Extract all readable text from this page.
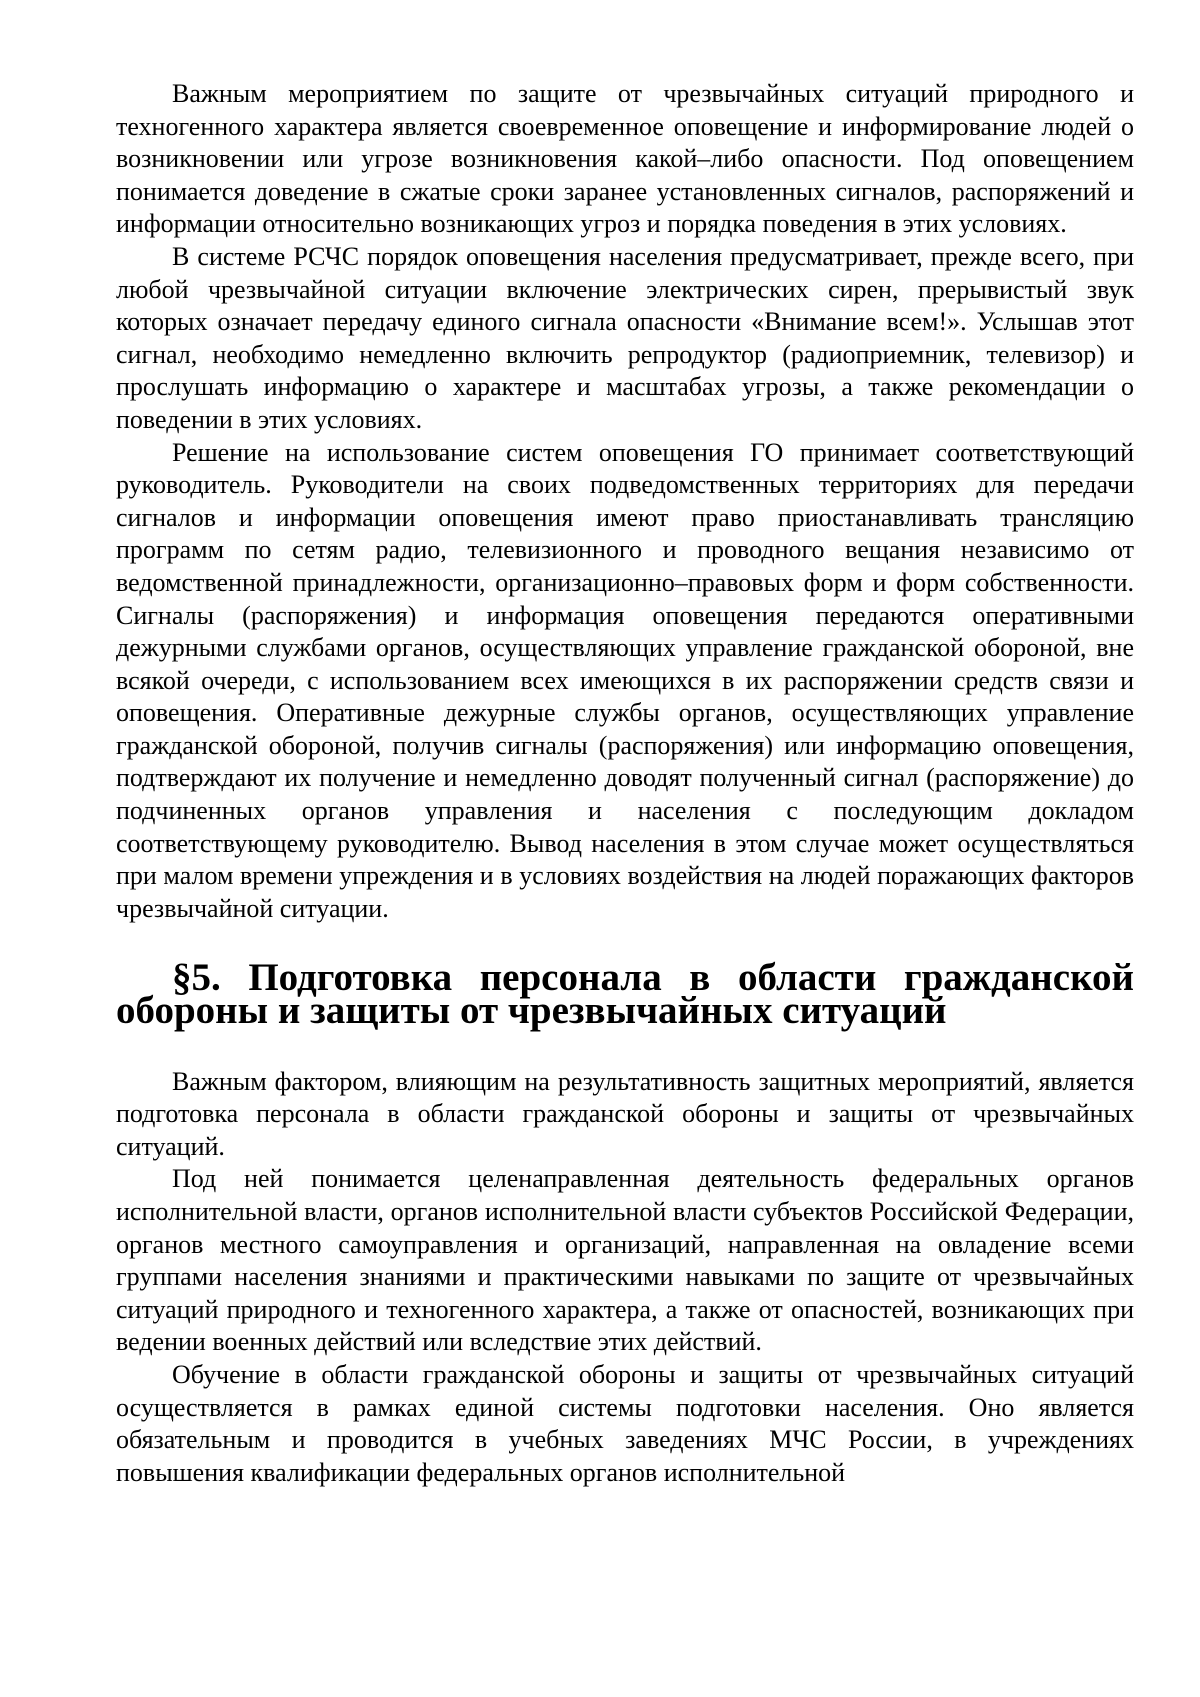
Важным мероприятием по защите от чрезвычайных ситуаций природного и техногенного характера является своевременное оповещение и информирование людей о возникновении или угрозе возникновения какой–либо опасности. Под оповещением понимается доведение в сжатые сроки заранее установленных сигналов, распоряжений и информации относительно возникающих угроз и порядка поведения в этих условиях.

В системе РСЧС порядок оповещения населения предусматривает, прежде всего, при любой чрезвычайной ситуации включение электрических сирен, прерывистый звук которых означает передачу единого сигнала опасности «Внимание всем!». Услышав этот сигнал, необходимо немедленно включить репродуктор (радиоприемник, телевизор) и прослушать информацию о характере и масштабах угрозы, а также рекомендации о поведении в этих условиях.

Решение на использование систем оповещения ГО принимает соответствующий руководитель. Руководители на своих подведомственных территориях для передачи сигналов и информации оповещения имеют право приостанавливать трансляцию программ по сетям радио, телевизионного и проводного вещания независимо от ведомственной принадлежности, организационно–правовых форм и форм собственности. Сигналы (распоряжения) и информация оповещения передаются оперативными дежурными службами органов, осуществляющих управление гражданской обороной, вне всякой очереди, с использованием всех имеющихся в их распоряжении средств связи и оповещения. Оперативные дежурные службы органов, осуществляющих управление гражданской обороной, получив сигналы (распоряжения) или информацию оповещения, подтверждают их получение и немедленно доводят полученный сигнал (распоряжение) до подчиненных органов управления и населения с последующим докладом соответствующему руководителю. Вывод населения в этом случае может осуществляться при малом времени упреждения и в условиях воздействия на людей поражающих факторов чрезвычайной ситуации.

§5. Подготовка персонала в области гражданской обороны и защиты от чрезвычайных ситуаций

Важным фактором, влияющим на результативность защитных мероприятий, является подготовка персонала в области гражданской обороны и защиты от чрезвычайных ситуаций.

Под ней понимается целенаправленная деятельность федеральных органов исполнительной власти, органов исполнительной власти субъектов Российской Федерации, органов местного самоуправления и организаций, направленная на овладение всеми группами населения знаниями и практическими навыками по защите от чрезвычайных ситуаций природного и техногенного характера, а также от опасностей, возникающих при ведении военных действий или вследствие этих действий.

Обучение в области гражданской обороны и защиты от чрезвычайных ситуаций осуществляется в рамках единой системы подготовки населения. Оно является обязательным и проводится в учебных заведениях МЧС России, в учреждениях повышения квалификации федеральных органов исполнительной
